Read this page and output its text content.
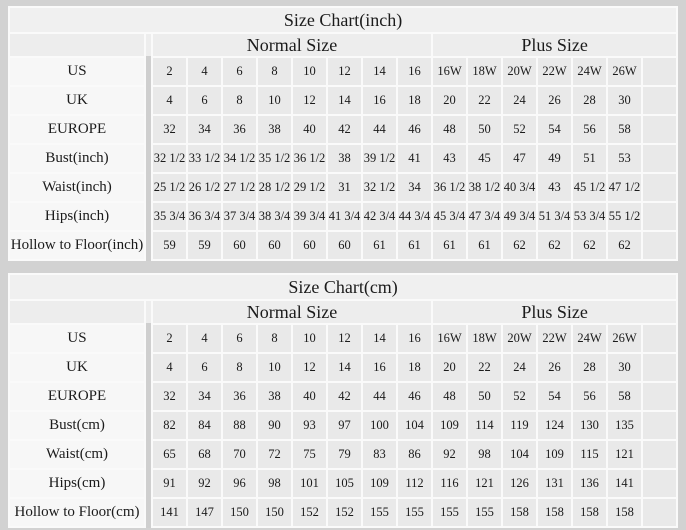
Size Chart(inch)																
		Normal Size								Plus Size						
US		2	4	6	8	10	12	14	16	16W	18W	20W	22W	24W	26W	
UK		4	6	8	10	12	14	16	18	20	22	24	26	28	30	
EUROPE		32	34	36	38	40	42	44	46	48	50	52	54	56	58	
Bust(inch)		32 1/2	33 1/2	34 1/2	35 1/2	36 1/2	38	39 1/2	41	43	45	47	49	51	53	
Waist(inch)		25 1/2	26 1/2	27 1/2	28 1/2	29 1/2	31	32 1/2	34	36 1/2	38 1/2	40 3/4	43	45 1/2	47 1/2	
Hips(inch)		35 3/4	36 3/4	37 3/4	38 3/4	39 3/4	41 3/4	42 3/4	44 3/4	45 3/4	47 3/4	49 3/4	51 3/4	53 3/4	55 1/2	
Hollow to Floor(inch)		59	59	60	60	60	60	61	61	61	61	62	62	62	62	
Size Chart(cm)																
		Normal Size								Plus Size						
US		2	4	6	8	10	12	14	16	16W	18W	20W	22W	24W	26W	
UK		4	6	8	10	12	14	16	18	20	22	24	26	28	30	
EUROPE		32	34	36	38	40	42	44	46	48	50	52	54	56	58	
Bust(cm)		82	84	88	90	93	97	100	104	109	114	119	124	130	135	
Waist(cm)		65	68	70	72	75	79	83	86	92	98	104	109	115	121	
Hips(cm)		91	92	96	98	101	105	109	112	116	121	126	131	136	141	
Hollow to Floor(cm)		141	147	150	150	152	152	155	155	155	155	158	158	158	158	
